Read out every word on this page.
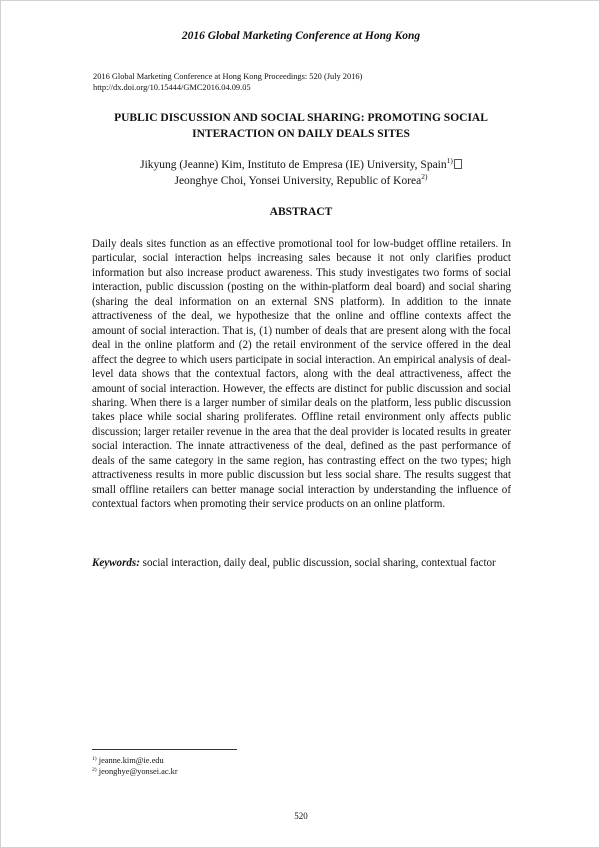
2016 Global Marketing Conference at Hong Kong
2016 Global Marketing Conference at Hong Kong Proceedings: 520 (July 2016)
http://dx.doi.org/10.15444/GMC2016.04.09.05
PUBLIC DISCUSSION AND SOCIAL SHARING: PROMOTING SOCIAL
INTERACTION ON DAILY DEALS SITES
Jikyung (Jeanne) Kim, Instituto de Empresa (IE) University, Spain$^{1)}$
Jeonghye Choi, Yonsei University, Republic of Korea$^{2)}$
ABSTRACT

Daily deals sites function as an effective promotional tool for low-budget offline retailers. In particular, social interaction helps increasing sales because it not only clarifies product information but also increase product awareness. This study investigates two forms of social interaction, public discussion (posting on the within-platform deal board) and social sharing (sharing the deal information on an external SNS platform). In addition to the innate attractiveness of the deal, we hypothesize that the online and offline contexts affect the amount of social interaction. That is, (1) number of deals that are present along with the focal deal in the online platform and (2) the retail environment of the service offered in the deal affect the degree to which users participate in social interaction. An empirical analysis of deal-level data shows that the contextual factors, along with the deal attractiveness, affect the amount of social interaction. However, the effects are distinct for public discussion and social sharing. When there is a larger number of similar deals on the platform, less public discussion takes place while social sharing proliferates. Offline retail environment only affects public discussion; larger retailer revenue in the area that the deal provider is located results in greater social interaction. The innate attractiveness of the deal, defined as the past performance of deals of the same category in the same region, has contrasting effect on the two types; high attractiveness results in more public discussion but less social share. The results suggest that small offline retailers can better manage social interaction by understanding the influence of contextual factors when promoting their service products on an online platform.

Keywords: social interaction, daily deal, public discussion, social sharing, contextual factor

$^{1)}$ jeanne.kim@ie.edu
$^{2)}$ jeonghye@yonsei.ac.kr
520
